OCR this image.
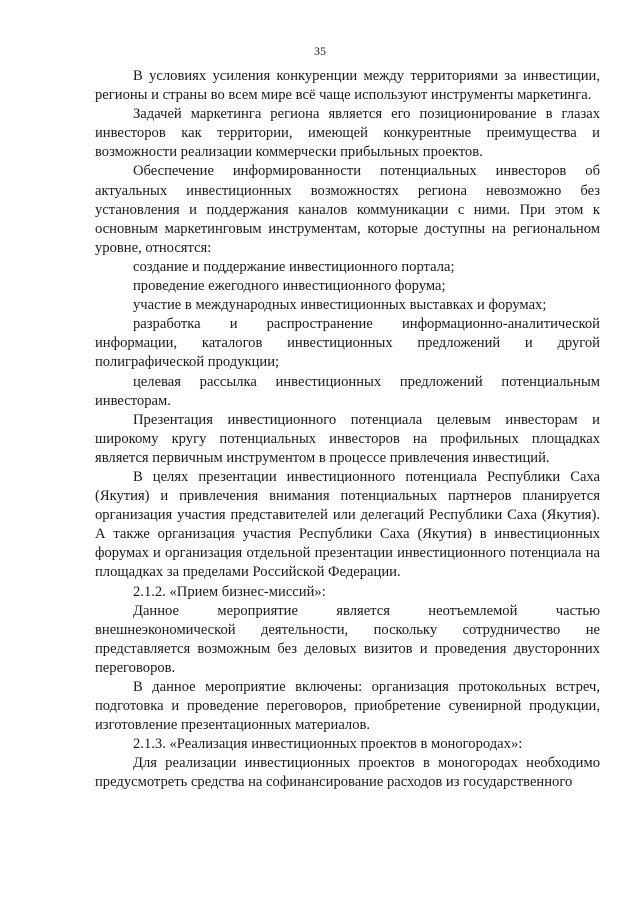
35

В условиях усиления конкуренции между территориями за инвестиции, регионы и страны во всем мире всё чаще используют инструменты маркетинга.

Задачей маркетинга региона является его позиционирование в глазах инвесторов как территории, имеющей конкурентные преимущества и возможности реализации коммерчески прибыльных проектов.

Обеспечение информированности потенциальных инвесторов об актуальных инвестиционных возможностях региона невозможно без установления и поддержания каналов коммуникации с ними. При этом к основным маркетинговым инструментам, которые доступны на региональном уровне, относятся:

создание и поддержание инвестиционного портала;

проведение ежегодного инвестиционного форума;

участие в международных инвестиционных выставках и форумах;

разработка и распространение информационно-аналитической информации, каталогов инвестиционных предложений и другой полиграфической продукции;

целевая рассылка инвестиционных предложений потенциальным инвесторам.

Презентация инвестиционного потенциала целевым инвесторам и широкому кругу потенциальных инвесторов на профильных площадках является первичным инструментом в процессе привлечения инвестиций.

В целях презентации инвестиционного потенциала Республики Саха (Якутия) и привлечения внимания потенциальных партнеров планируется организация участия представителей или делегаций Республики Саха (Якутия). А также организация участия Республики Саха (Якутия) в инвестиционных форумах и организация отдельной презентации инвестиционного потенциала на площадках за пределами Российской Федерации.

2.1.2. «Прием бизнес-миссий»:

Данное мероприятие является неотъемлемой частью внешнеэкономической деятельности, поскольку сотрудничество не представляется возможным без деловых визитов и проведения двусторонних переговоров.

В данное мероприятие включены: организация протокольных встреч, подготовка и проведение переговоров, приобретение сувенирной продукции, изготовление презентационных материалов.

2.1.3. «Реализация инвестиционных проектов в моногородах»:

Для реализации инвестиционных проектов в моногородах необходимо предусмотреть средства на софинансирование расходов из государственного
